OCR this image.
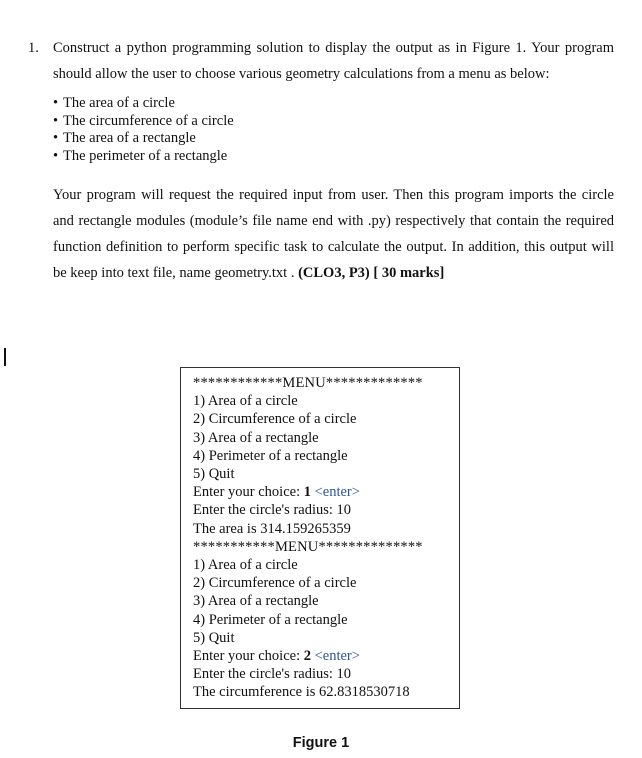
1. Construct a python programming solution to display the output as in Figure 1. Your program should allow the user to choose various geometry calculations from a menu as below:

• The area of a circle
• The circumference of a circle
• The area of a rectangle
• The perimeter of a rectangle

Your program will request the required input from user. Then this program imports the circle and rectangle modules (module’s file name end with .py) respectively that contain the required function definition to perform specific task to calculate the output. In addition, this output will be keep into text file, name geometry.txt . (CLO3, P3) [ 30 marks]

************MENU*************
1) Area of a circle
2) Circumference of a circle
3) Area of a rectangle
4) Perimeter of a rectangle
5) Quit
Enter your choice: 1 <enter>
Enter the circle's radius: 10
The area is 314.159265359
***********MENU**************
1) Area of a circle
2) Circumference of a circle
3) Area of a rectangle
4) Perimeter of a rectangle
5) Quit
Enter your choice: 2 <enter>
Enter the circle's radius: 10
The circumference is 62.8318530718
Figure 1
